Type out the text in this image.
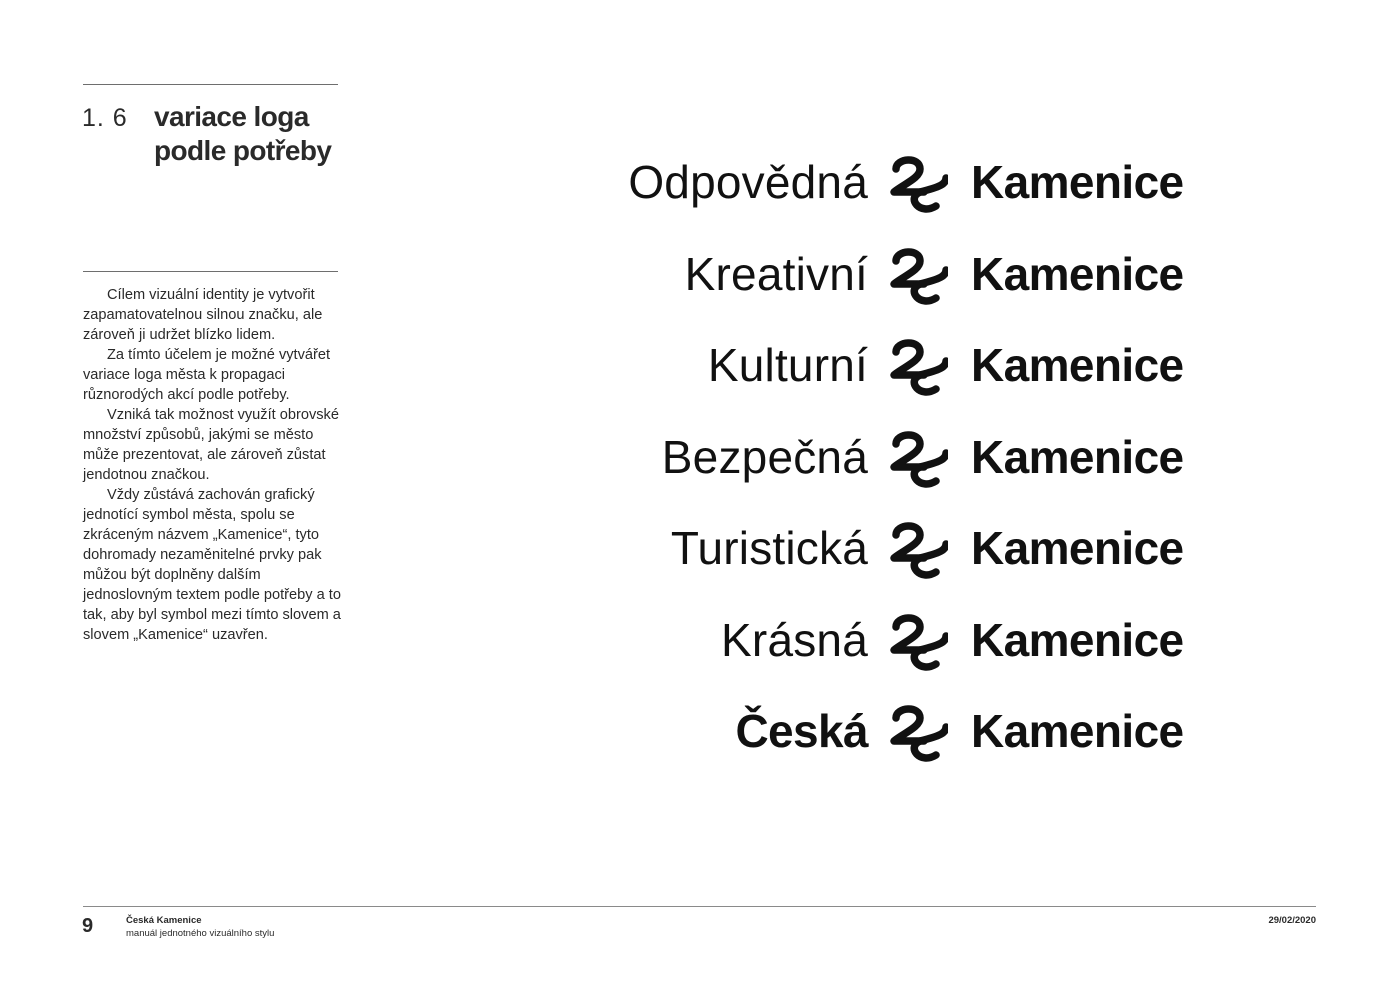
1. 6 variace loga podle potřeby

Cílem vizuální identity je vytvořit zapamatovatelnou silnou značku, ale zároveň ji udržet blízko lidem.

Za tímto účelem je možné vytvářet variace loga města k propagaci různorodých akcí podle potřeby.

Vzniká tak možnost využít obrovské množství způsobů, jakými se město může prezentovat, ale zároveň zůstat jendotnou značkou.

Vždy zůstává zachován grafický jednotící symbol města, spolu se zkráceným názvem „Kamenice“, tyto dohromady nezaměnitelné prvky pak můžou být doplněny dalším jednoslovným textem podle potřeby a to tak, aby byl symbol mezi tímto slovem a slovem „Kamenice“ uzavřen.

Odpovědná Kamenice
Kreativní Kamenice
Kulturní Kamenice
Bezpečná Kamenice
Turistická Kamenice
Krásná Kamenice
Česká Kamenice
9	Česká Kamenice
manuál jednotného vizuálního stylu
29/02/2020
